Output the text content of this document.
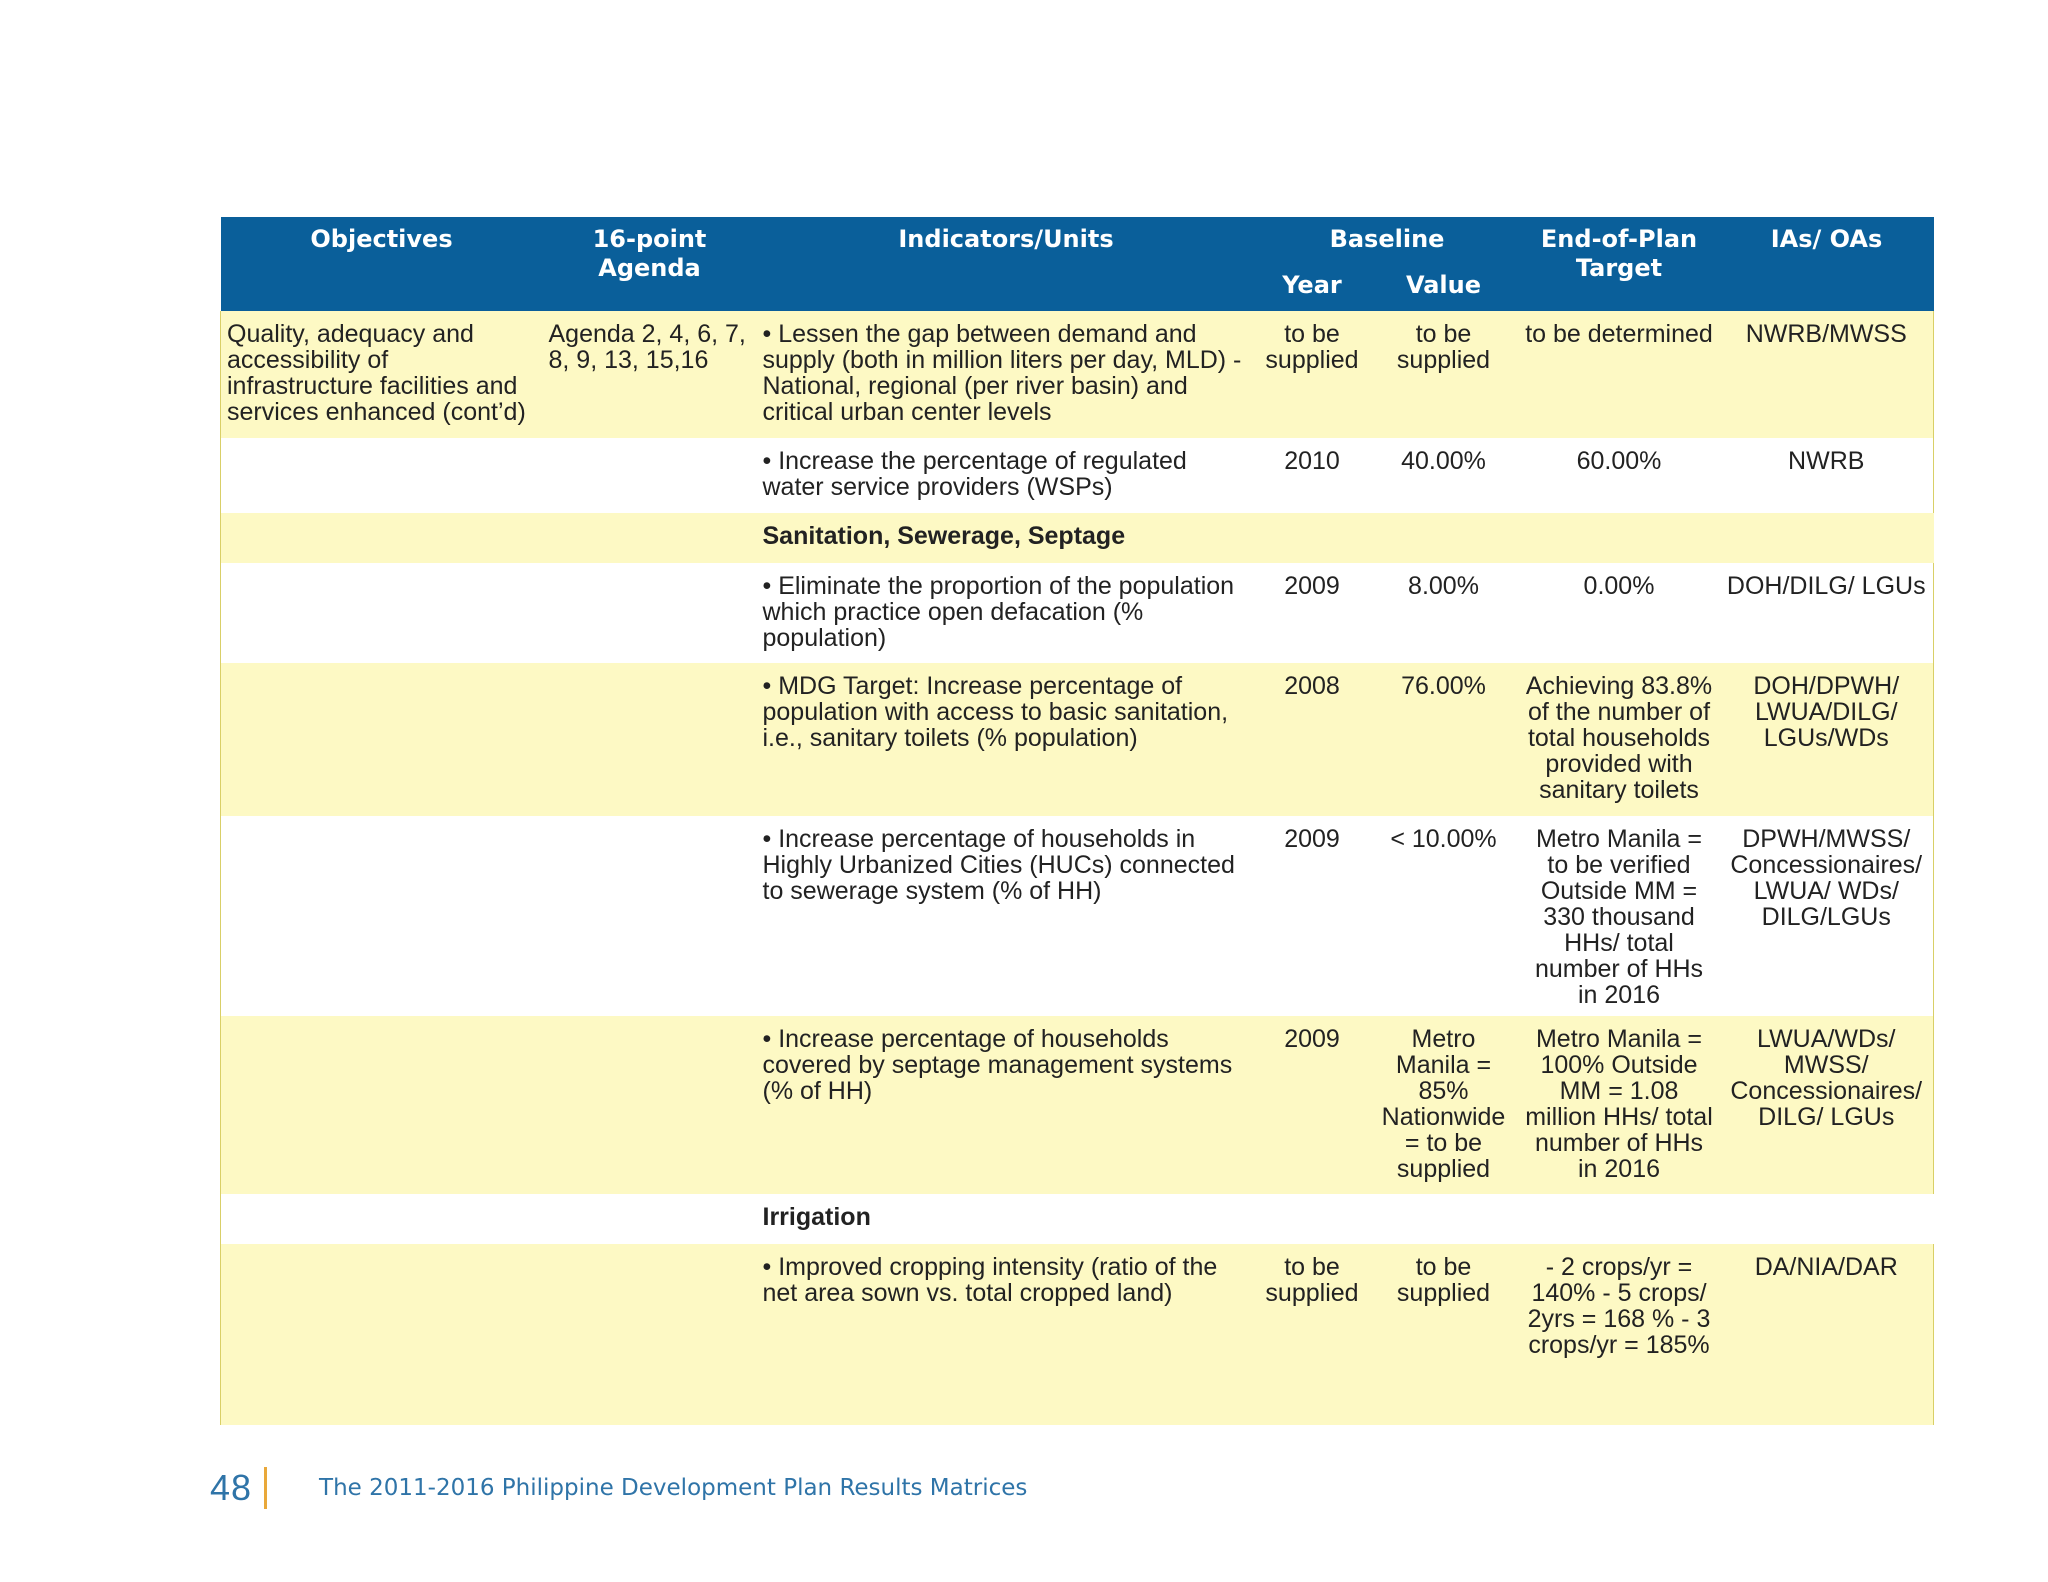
Objectives	16-point Agenda	Indicators/Units	Baseline		End-of-Plan Target	IAs/ OAs
			Year	Value		
Quality, adequacy and accessibility of infrastructure facilities and services enhanced (cont’d)	Agenda 2, 4, 6, 7, 8, 9, 13, 15,16	• Lessen the gap between demand and supply (both in million liters per day, MLD) - National, regional (per river basin) and critical urban center levels	to be supplied	to be supplied	to be determined	NWRB/MWSS
		• Increase the percentage of regulated water service providers (WSPs)	2010	40.00%	60.00%	NWRB
		Sanitation, Sewerage, Septage				
		• Eliminate the proportion of the population which practice open defacation (% population)	2009	8.00%	0.00%	DOH/DILG/ LGUs
		• MDG Target: Increase percentage of population with access to basic sanitation, i.e., sanitary toilets (% population)	2008	76.00%	Achieving 83.8% of the number of total households provided with sanitary toilets	DOH/DPWH/ LWUA/DILG/ LGUs/WDs
		• Increase percentage of households in Highly Urbanized Cities (HUCs) connected to sewerage system (% of HH)	2009	< 10.00%	Metro Manila = to be verified Outside MM = 330 thousand HHs/ total number of HHs in 2016	DPWH/MWSS/ Concessionaires/ LWUA/ WDs/ DILG/LGUs
		• Increase percentage of households covered by septage management systems (% of HH)	2009	Metro Manila = 85% Nationwide = to be supplied	Metro Manila = 100% Outside MM = 1.08 million HHs/ total number of HHs in 2016	LWUA/WDs/ MWSS/ Concessionaires/ DILG/ LGUs
		Irrigation				
		• Improved cropping intensity (ratio of the net area sown vs. total cropped land)	to be supplied	to be supplied	- 2 crops/yr = 140% - 5 crops/ 2yrs = 168 % - 3 crops/yr = 185%	DA/NIA/DAR
48	The 2011-2016 Philippine Development Plan Results Matrices
